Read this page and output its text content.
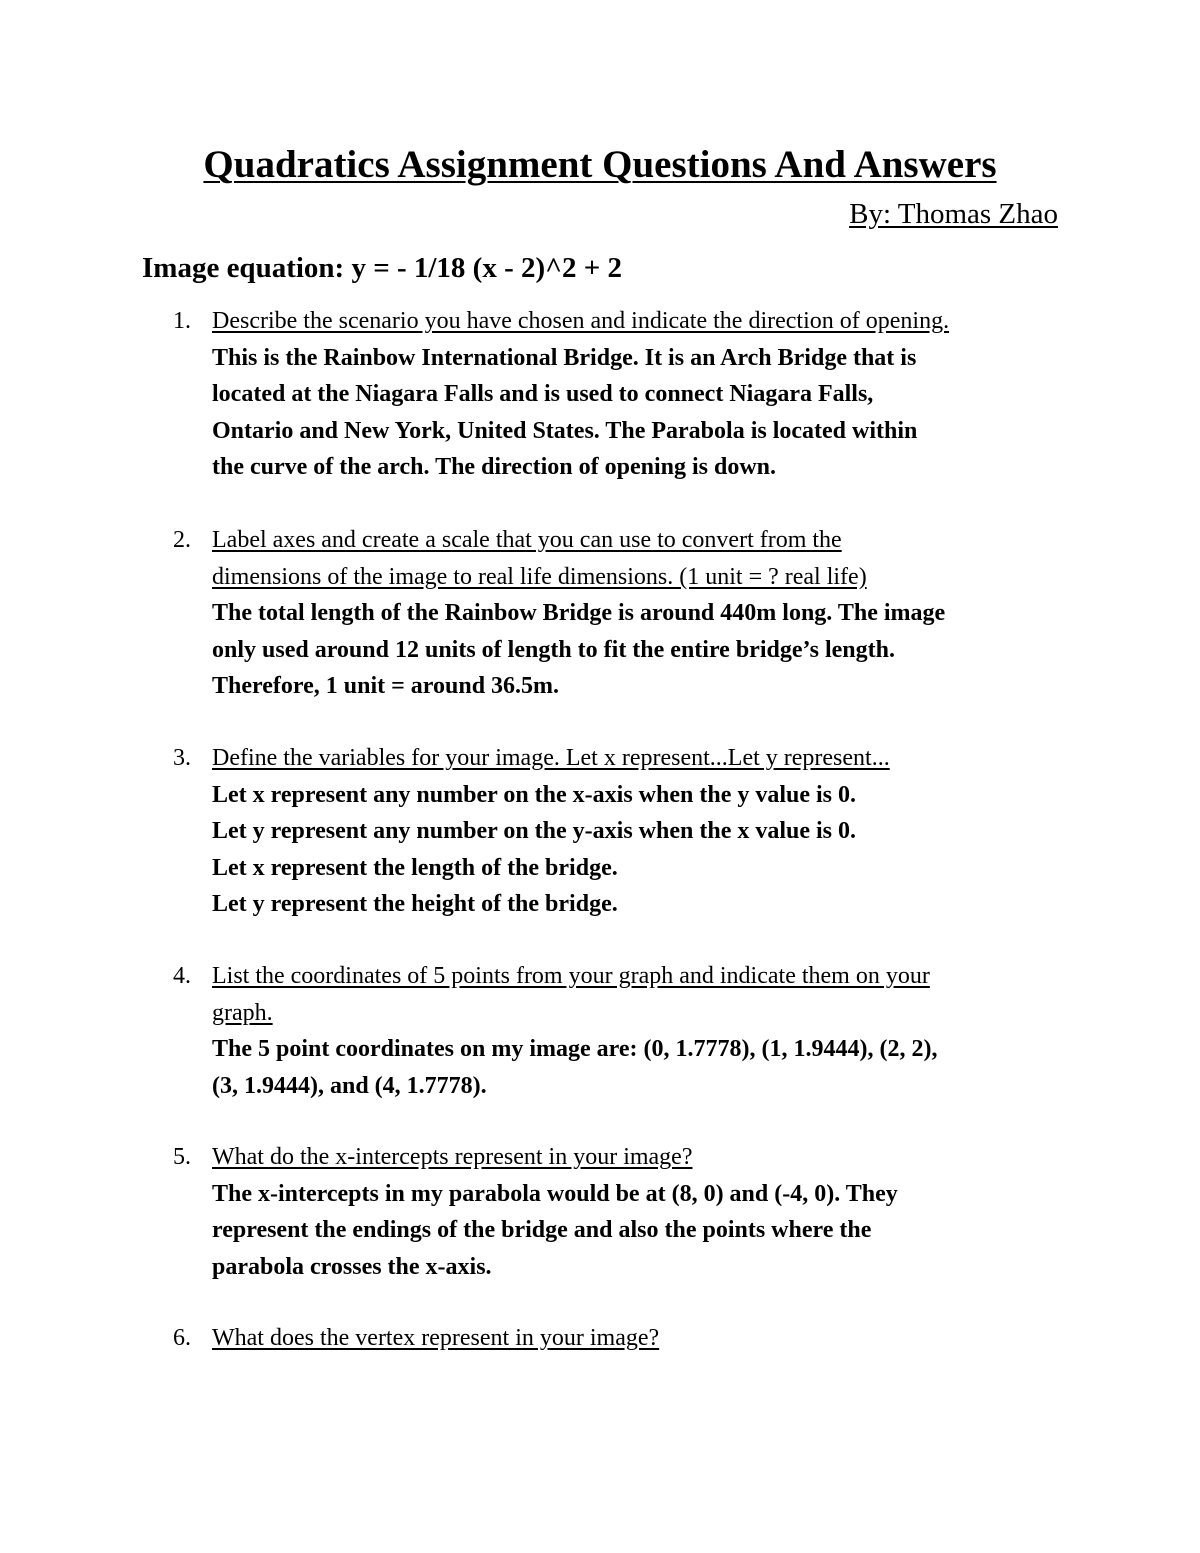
Quadratics Assignment Questions And Answers
By: Thomas Zhao
Image equation: y = - 1/18 (x - 2)^2 + 2
1. Describe the scenario you have chosen and indicate the direction of opening.
This is the Rainbow International Bridge. It is an Arch Bridge that is
located at the Niagara Falls and is used to connect Niagara Falls,
Ontario and New York, United States. The Parabola is located within
the curve of the arch. The direction of opening is down.
2. Label axes and create a scale that you can use to convert from the
dimensions of the image to real life dimensions. (1 unit = ? real life)
The total length of the Rainbow Bridge is around 440m long. The image
only used around 12 units of length to fit the entire bridge’s length.
Therefore, 1 unit = around 36.5m.
3. Define the variables for your image. Let x represent...Let y represent...
Let x represent any number on the x-axis when the y value is 0.
Let y represent any number on the y-axis when the x value is 0.
Let x represent the length of the bridge.
Let y represent the height of the bridge.
4. List the coordinates of 5 points from your graph and indicate them on your
graph.
The 5 point coordinates on my image are: (0, 1.7778), (1, 1.9444), (2, 2),
(3, 1.9444), and (4, 1.7778).
5. What do the x-intercepts represent in your image?
The x-intercepts in my parabola would be at (8, 0) and (-4, 0). They
represent the endings of the bridge and also the points where the
parabola crosses the x-axis.
6. What does the vertex represent in your image?
